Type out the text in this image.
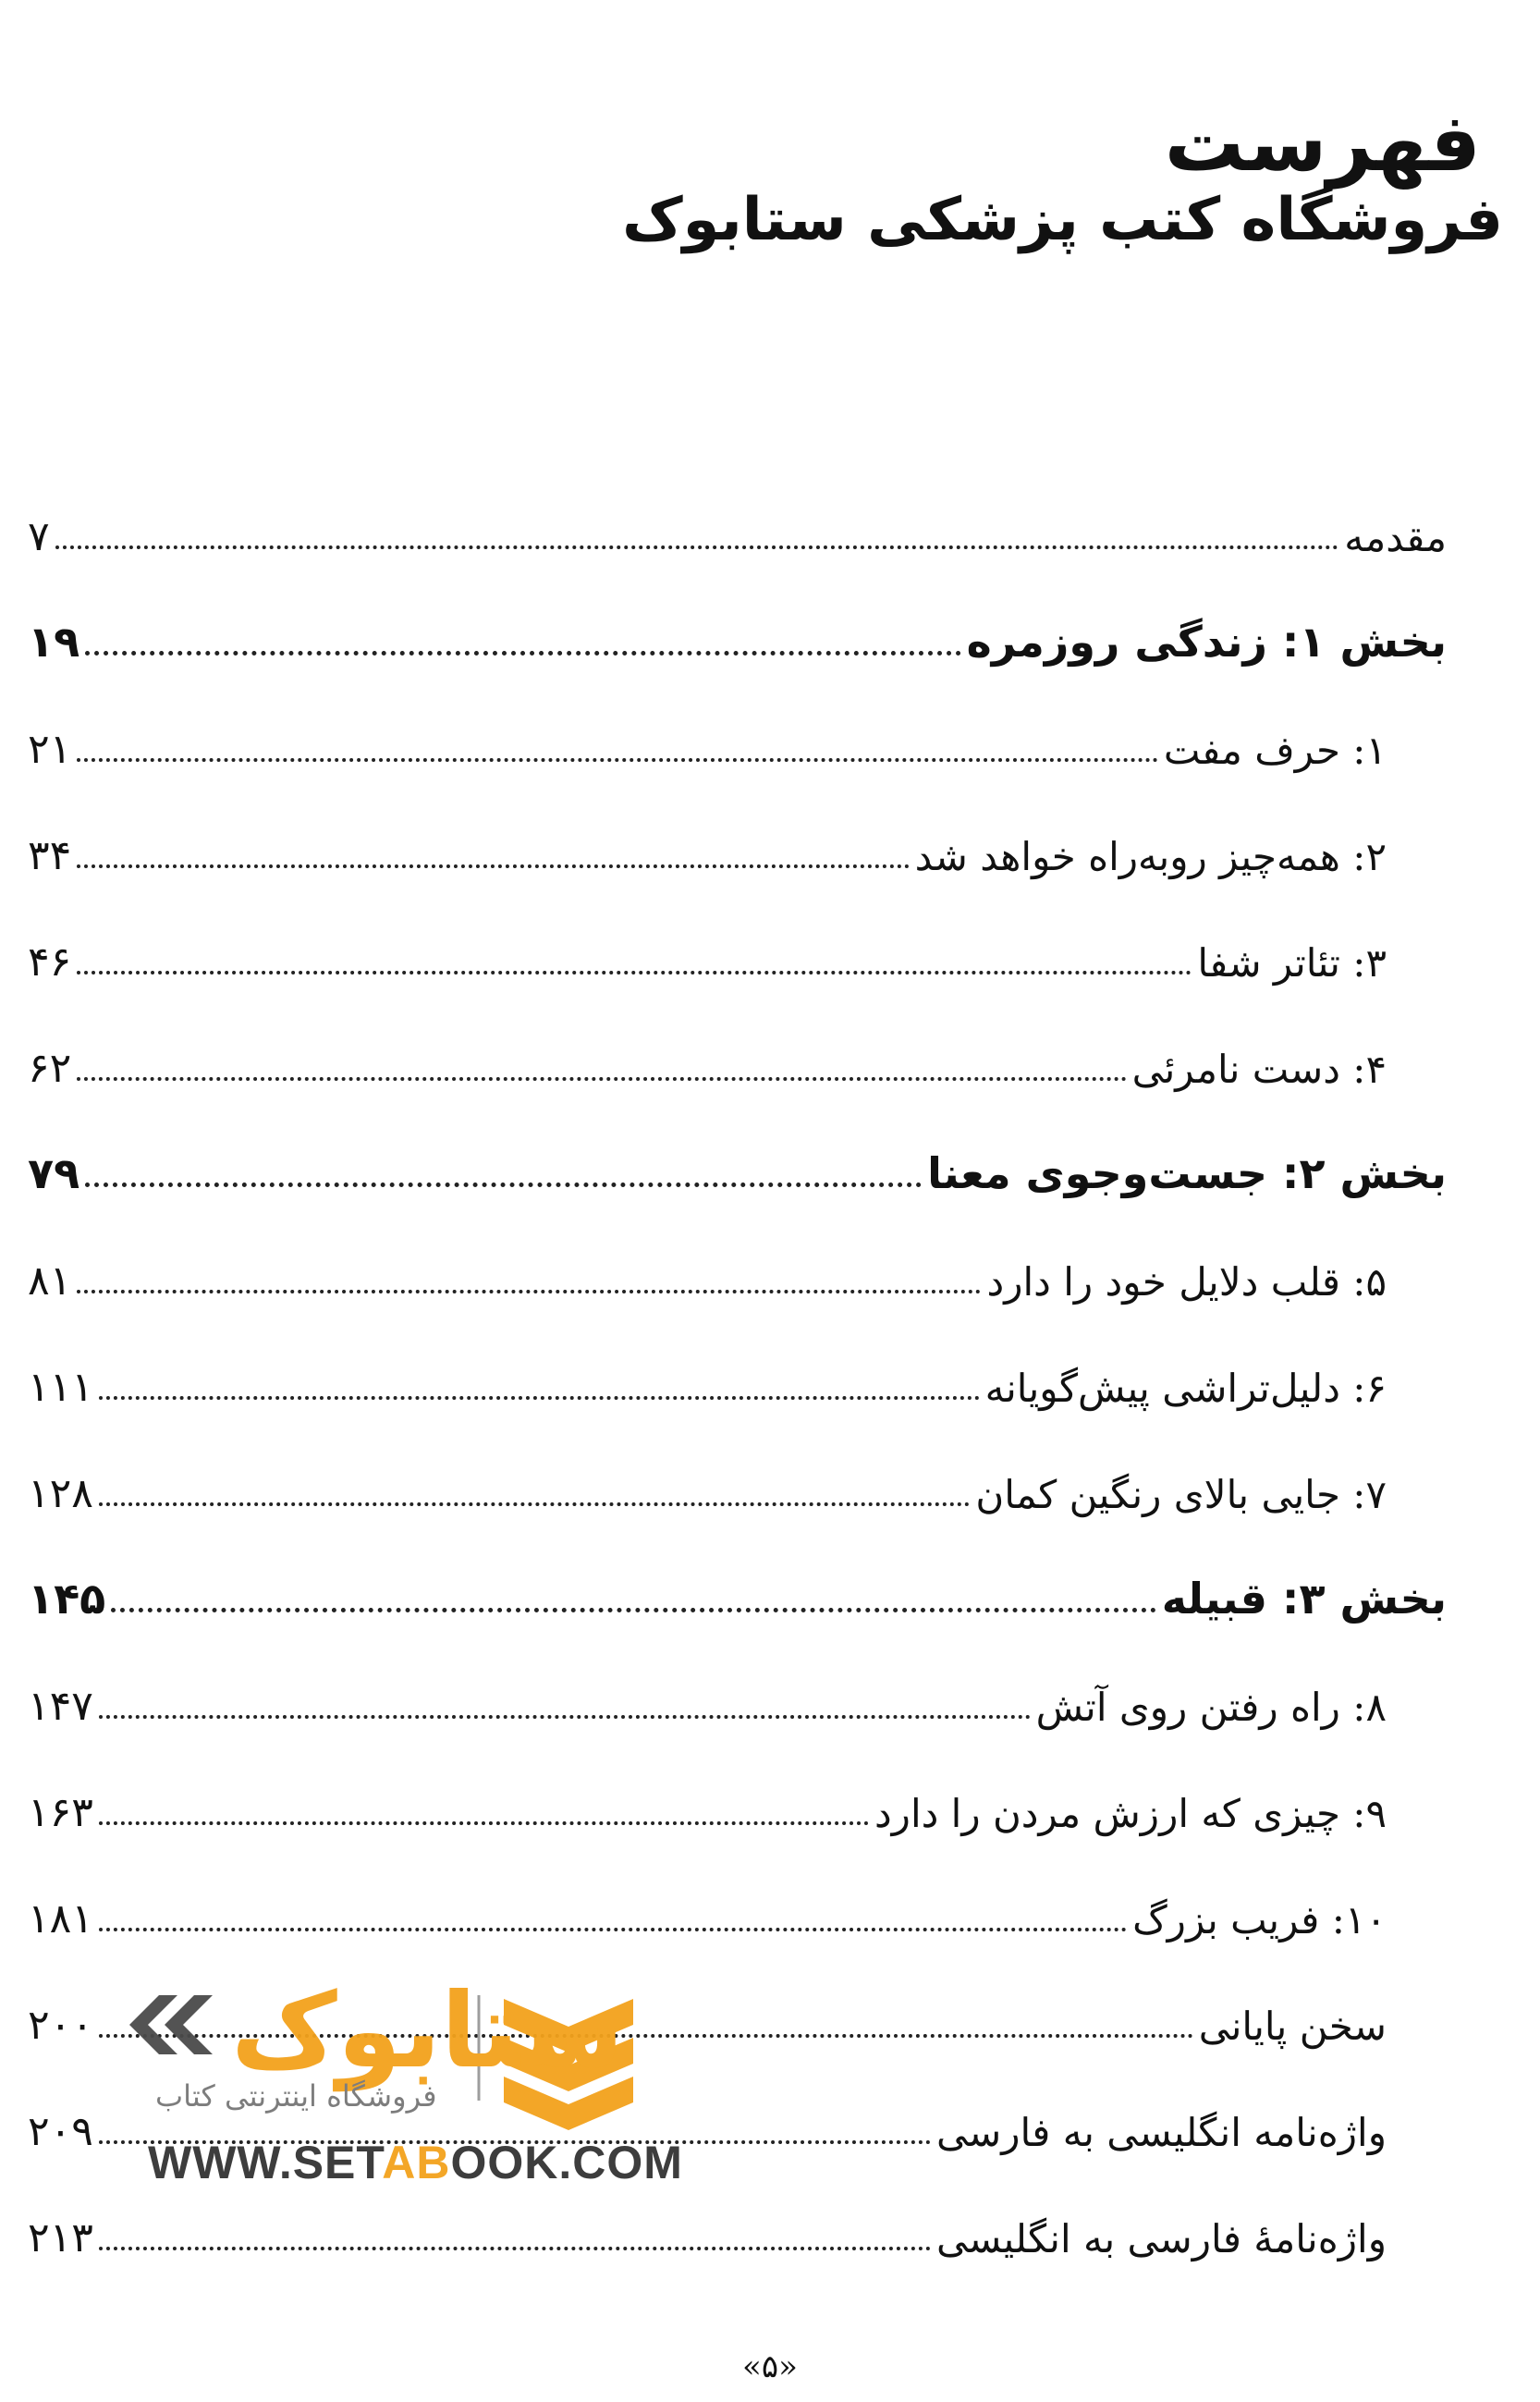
فهرست
فروشگاه کتب پزشکی ستابوک
مقدمه
۷
بخش ۱: زندگی روزمره
۱۹
۱: حرف مفت
۲۱
۲: همه‌چیز روبه‌راه خواهد شد
۳۴
۳: تئاتر شفا
۴۶
۴: دست نامرئی
۶۲
بخش ۲: جست‌وجوی معنا
۷۹
۵: قلب دلایل خود را دارد
۸۱
۶: دلیل‌تراشی پیش‌گویانه
۱۱۱
۷: جایی بالای رنگین کمان
۱۲۸
بخش ۳: قبیله
۱۴۵
۸: راه رفتن روی آتش
۱۴۷
۹: چیزی که ارزش مردن را دارد
۱۶۳
۱۰: فریب بزرگ
۱۸۱
سخن پایانی
۲۰۰
واژه‌نامه انگلیسی به فارسی
۲۰۹
واژه‌نامهٔ فارسی به انگلیسی
۲۱۳
ستابوک
فروشگاه اینترنتی کتاب
WWW.SETABOOK.COM
«۵»
